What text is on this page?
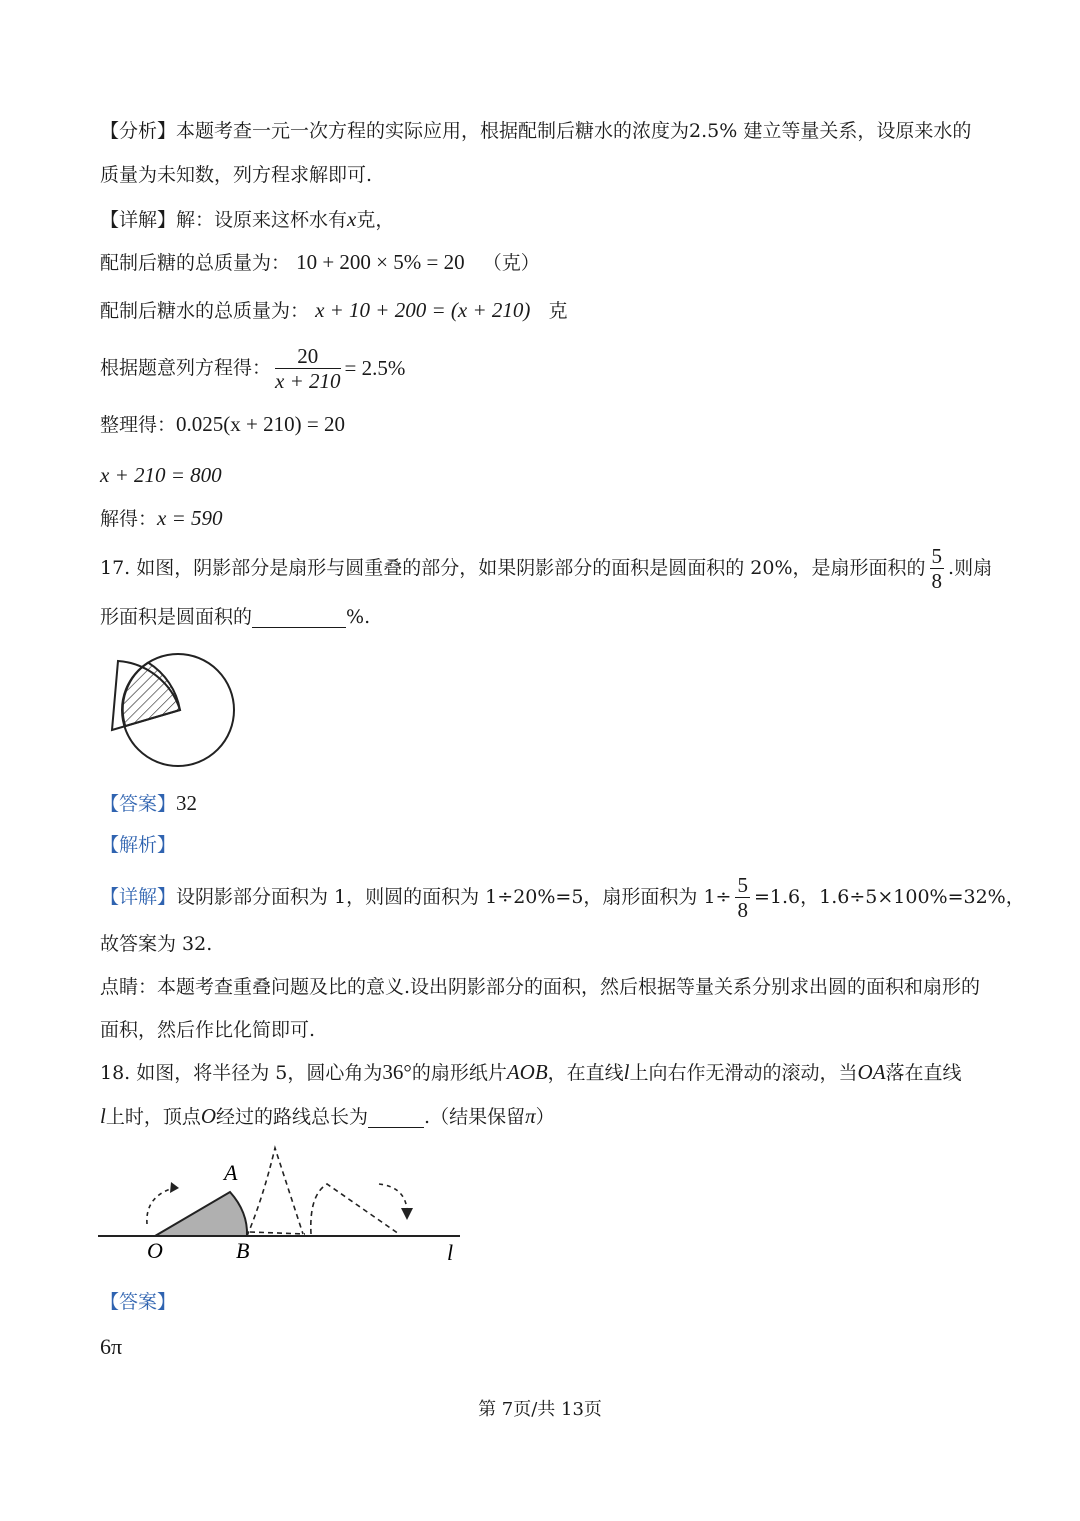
【分析】本题考查一元一次方程的实际应用，根据配制后糖水的浓度为2.5% 建立等量关系，设原来水的
质量为未知数，列方程求解即可.
【详解】解：设原来这杯水有x克，
配制后糖的总质量为： 10 + 200 × 5% = 20 （克）
配制后糖水的总质量为： x + 10 + 200 = (x + 210) 克
根据题意列方程得： $\frac{20}{x + 210} = 2.5\%$
整理得：0.025(x + 210) = 20
x + 210 = 800
解得：x = 590
17. 如图，阴影部分是扇形与圆重叠的部分，如果阴影部分的面积是圆面积的 20%，是扇形面积的 $\frac{5}{8}$ .则扇
形面积是圆面积的	%.
【答案】32
【解析】
【详解】设阴影部分面积为 1，则圆的面积为 1÷20%=5，扇形面积为 $1\div \frac{5}{8} =1.6$，1.6÷5×100%=32%，
故答案为 32.
点睛：本题考查重叠问题及比的意义.设出阴影部分的面积，然后根据等量关系分别求出圆的面积和扇形的
面积，然后作比化简即可.
18. 如图，将半径为 5，圆心角为36°的扇形纸片AOB，在直线l上向右作无滑动的滚动，当OA落在直线
l上时，顶点O经过的路线总长为	.（结果保留π）
A
O	B	l
【答案】
6π
第 7页/共 13页
